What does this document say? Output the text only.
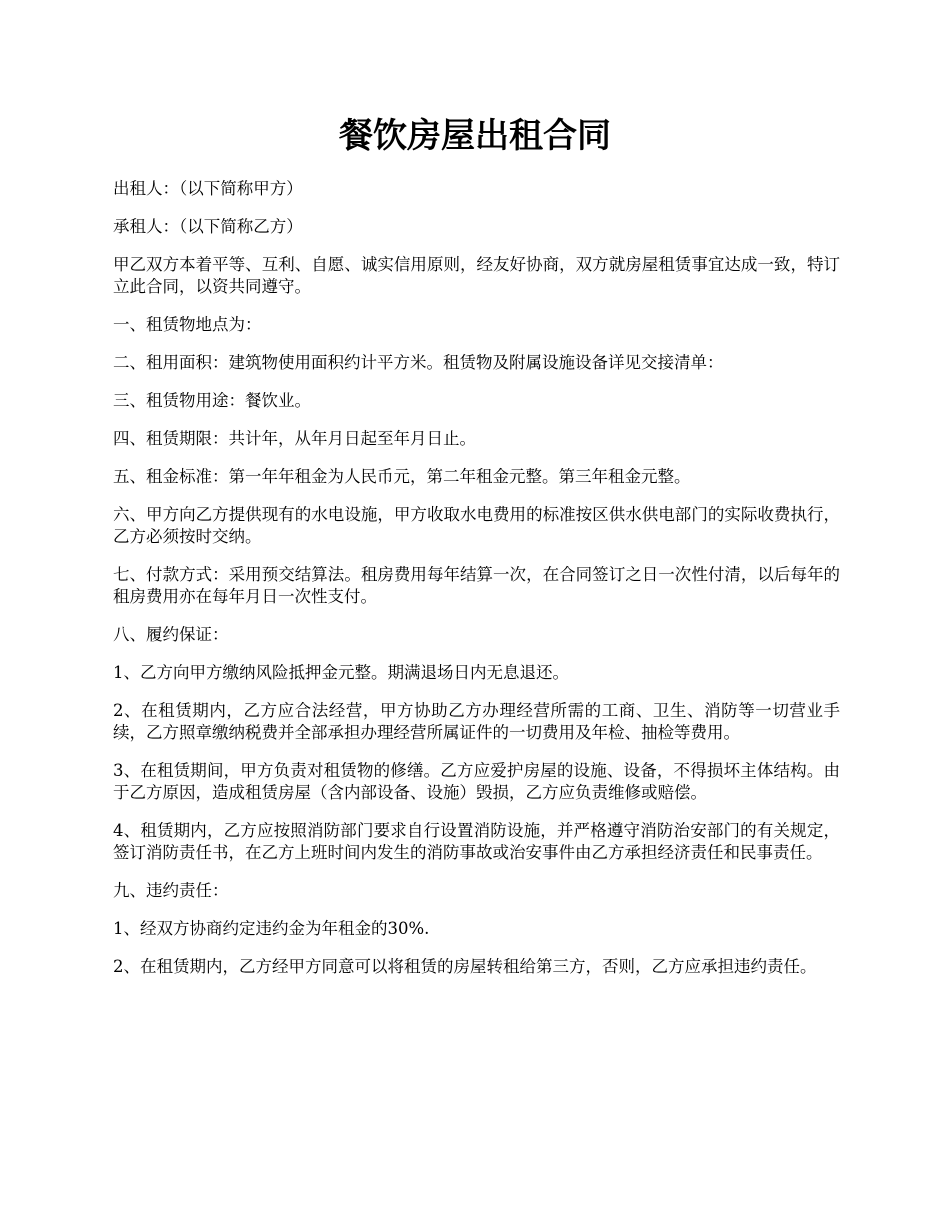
餐饮房屋出租合同

出租人：（以下简称甲方）

承租人：（以下简称乙方）

甲乙双方本着平等、互利、自愿、诚实信用原则，经友好协商，双方就房屋租赁事宜达成一致，特订立此合同，以资共同遵守。

一、租赁物地点为：

二、租用面积：建筑物使用面积约计平方米。租赁物及附属设施设备详见交接清单：

三、租赁物用途：餐饮业。

四、租赁期限：共计年，从年月日起至年月日止。

五、租金标准：第一年年租金为人民币元，第二年租金元整。第三年租金元整。

六、甲方向乙方提供现有的水电设施，甲方收取水电费用的标准按区供水供电部门的实际收费执行，乙方必须按时交纳。

七、付款方式：采用预交结算法。租房费用每年结算一次，在合同签订之日一次性付清，以后每年的租房费用亦在每年月日一次性支付。

八、履约保证：

1、乙方向甲方缴纳风险抵押金元整。期满退场日内无息退还。

2、在租赁期内，乙方应合法经营，甲方协助乙方办理经营所需的工商、卫生、消防等一切营业手续，乙方照章缴纳税费并全部承担办理经营所属证件的一切费用及年检、抽检等费用。

3、在租赁期间，甲方负责对租赁物的修缮。乙方应爱护房屋的设施、设备，不得损坏主体结构。由于乙方原因，造成租赁房屋（含内部设备、设施）毁损，乙方应负责维修或赔偿。

4、租赁期内，乙方应按照消防部门要求自行设置消防设施，并严格遵守消防治安部门的有关规定，签订消防责任书，在乙方上班时间内发生的消防事故或治安事件由乙方承担经济责任和民事责任。

九、违约责任：

1、经双方协商约定违约金为年租金的30%.

2、在租赁期内，乙方经甲方同意可以将租赁的房屋转租给第三方，否则，乙方应承担违约责任。
